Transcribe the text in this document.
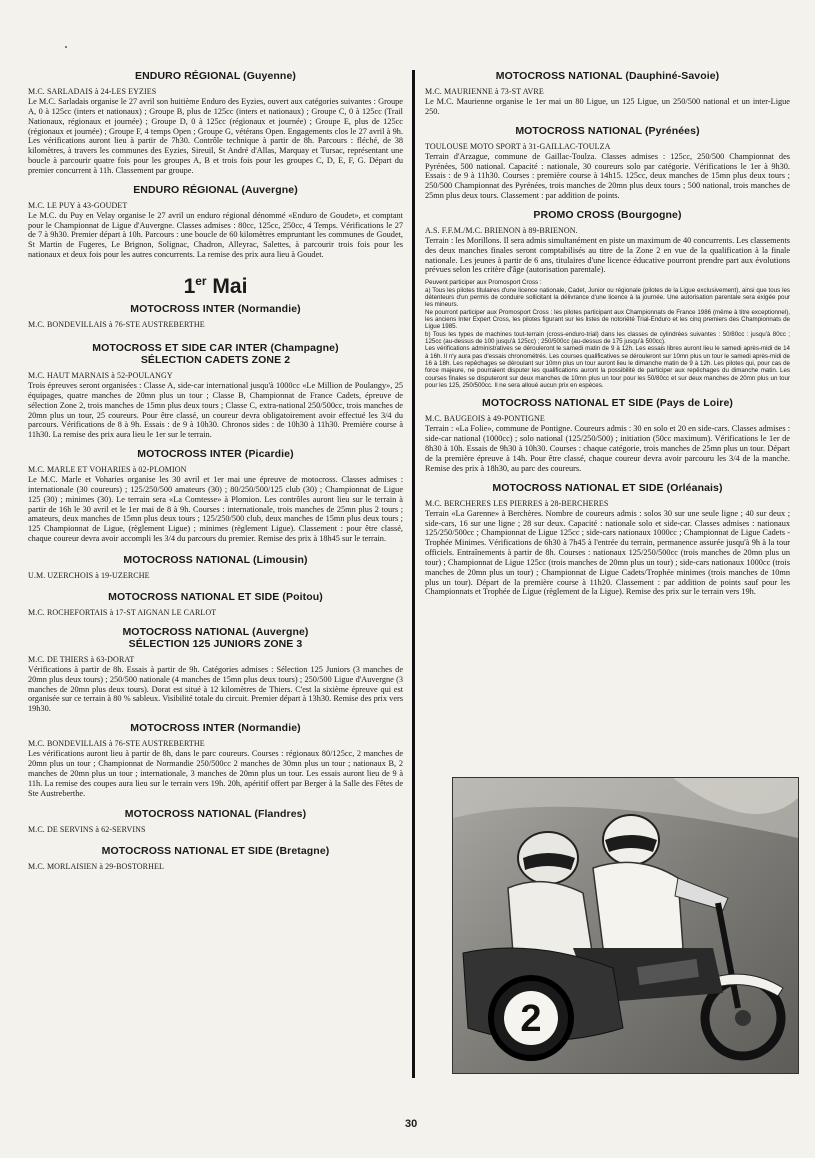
ENDURO RÉGIONAL (Guyenne)

M.C. SARLADAIS à 24-LES EYZIES

Le M.C. Sarladais organise le 27 avril son huitième Enduro des Eyzies, ouvert aux catégories suivantes : Groupe A, 0 à 125cc (inters et nationaux) ; Groupe B, plus de 125cc (inters et nationaux) ; Groupe C, 0 à 125cc (Trail Nationaux, régionaux et journée) ; Groupe D, 0 à 125cc (régionaux et journée) ; Groupe E, plus de 125cc (régionaux et journée) ; Groupe F, 4 temps Open ; Groupe G, vétérans Open. Engagements clos le 27 avril à 9h. Les vérifications auront lieu à partir de 7h30. Contrôle technique à partir de 8h. Parcours : fléché, de 38 kilomètres, à travers les communes des Eyzies, Sireuil, St André d'Allas, Marquay et Tursac, représentant une boucle à parcourir quatre fois pour les groupes A, B et trois fois pour les groupes C, D, E, F, G. Départ du premier concurrent à 11h. Classement par groupe.

ENDURO RÉGIONAL (Auvergne)

M.C. LE PUY à 43-GOUDET

Le M.C. du Puy en Velay organise le 27 avril un enduro régional dénommé «Enduro de Goudet», et comptant pour le Championnat de Ligue d'Auvergne. Classes admises : 80cc, 125cc, 250cc, 4 Temps. Vérifications le 27 de 7 à 9h30. Premier départ à 10h. Parcours : une boucle de 60 kilomètres empruntant les communes de Goudet, St Martin de Fugeres, Le Brignon, Solignac, Chadron, Alleyrac, Salettes, à parcourir trois fois pour les nationaux et deux fois pour les autres concurrents. La remise des prix aura lieu à Goudet.

1er Mai
MOTOCROSS INTER (Normandie)

M.C. BONDEVILLAIS à 76-STE AUSTREBERTHE

MOTOCROSS ET SIDE CAR INTER (Champagne)
SÉLECTION CADETS ZONE 2

M.C. HAUT MARNAIS à 52-POULANGY

Trois épreuves seront organisées : Classe A, side-car international jusqu'à 1000cc «Le Million de Poulangy», 25 équipages, quatre manches de 20mn plus un tour ; Classe B, Championnat de France Cadets, épreuve de sélection Zone 2, trois manches de 15mn plus deux tours ; Classe C, extra-national 250/500cc, trois manches de 20mn plus un tour, 25 coureurs. Pour être classé, un coureur devra obligatoirement avoir effectué les 3/4 du parcours. Vérifications de 8 à 9h. Essais : de 9 à 10h30. Chronos sides : de 10h30 à 11h30. Première course à 11h30. La remise des prix aura lieu le 1er sur le terrain.

MOTOCROSS INTER (Picardie)

M.C. MARLE ET VOHARIES à 02-PLOMION

Le M.C. Marle et Voharies organise les 30 avril et 1er mai une épreuve de motocross. Classes admises : internationale (30 coureurs) ; 125/250/500 amateurs (30) ; 80/250/500/125 club (30) ; Championnat de Ligue 125 (30) ; minimes (30). Le terrain sera «La Comtesse» à Plomion. Les contrôles auront lieu sur le terrain à partir de 16h le 30 avril et le 1er mai de 8 à 9h. Courses : internationale, trois manches de 25mn plus 2 tours ; amateurs, deux manches de 15mn plus deux tours ; 125/250/500 club, deux manches de 15mn plus deux tours ; 125 Championnat de Ligue, (règlement Ligue) ; minimes (règlement Ligue). Classement : pour être classé, chaque coureur devra avoir accompli les 3/4 du parcours du premier. Remise des prix à 18h45 sur le terrain.

MOTOCROSS NATIONAL (Limousin)

U.M. UZERCHOIS à 19-UZERCHE

MOTOCROSS NATIONAL ET SIDE (Poitou)

M.C. ROCHEFORTAIS à 17-ST AIGNAN LE CARLOT

MOTOCROSS NATIONAL (Auvergne)
SÉLECTION 125 JUNIORS ZONE 3

M.C. DE THIERS à 63-DORAT

Vérifications à partir de 8h. Essais à partir de 9h. Catégories admises : Sélection 125 Juniors (3 manches de 20mn plus deux tours) ; 250/500 nationale (4 manches de 15mn plus deux tours) ; 250/500 Ligue d'Auvergne (3 manches de 20mn plus deux tours). Dorat est situé à 12 kilomètres de Thiers. C'est la sixième épreuve qui est organisée sur ce terrain à 80 % sableux. Visibilité totale du circuit. Premier départ à 13h30. Remise des prix vers 19h30.

MOTOCROSS INTER (Normandie)

M.C. BONDEVILLAIS à 76-STE AUSTREBERTHE

Les vérifications auront lieu à partir de 8h, dans le parc coureurs. Courses : régionaux 80/125cc, 2 manches de 20mn plus un tour ; Championnat de Normandie 250/500cc 2 manches de 30mn plus un tour ; nationaux B, 2 manches de 20mn plus un tour ; internationale, 3 manches de 20mn plus un tour. Les essais auront lieu de 9 à 11h. La remise des coupes aura lieu sur le terrain vers 19h. 20h, apéritif offert par Berger à la Salle des Fêtes de Ste Austreberthe.

MOTOCROSS NATIONAL (Flandres)

M.C. DE SERVINS à 62-SERVINS

MOTOCROSS NATIONAL ET SIDE (Bretagne)

M.C. MORLAISIEN à 29-BOSTORHEL

MOTOCROSS NATIONAL (Dauphiné-Savoie)

M.C. MAURIENNE à 73-ST AVRE

Le M.C. Maurienne organise le 1er mai un 80 Ligue, un 125 Ligue, un 250/500 national et un inter-Ligue 250.

MOTOCROSS NATIONAL (Pyrénées)

TOULOUSE MOTO SPORT à 31-GAILLAC-TOULZA

Terrain d'Arzague, commune de Gaillac-Toulza. Classes admises : 125cc, 250/500 Championnat des Pyrénées, 500 national. Capacité : nationale, 30 coureurs solo par catégorie. Vérifications le 1er à 9h30. Essais : de 9 à 11h30. Courses : première course à 14h15. 125cc, deux manches de 15mn plus deux tours ; 250/500 Championnat des Pyrénées, trois manches de 20mn plus deux tours ; 500 national, trois manches de 25mn plus deux tours. Classement : par addition de points.

PROMO CROSS (Bourgogne)

A.S. F.F.M./M.C. BRIENON à 89-BRIENON.

Terrain : les Morillons. Il sera admis simultanément en piste un maximum de 40 concurrents. Les classements des deux manches finales seront comptabilisés au titre de la Zone 2 en vue de la qualification à la finale nationale. Les jeunes à partir de 6 ans, titulaires d'une licence éducative pourront prendre part aux évolutions prévues selon les critère d'âge (autorisation parentale).

Peuvent participer aux Promosport Cross :
a) Tous les pilotes titulaires d'une licence nationale, Cadet, Junior ou régionale (pilotes de la Ligue exclusivement), ainsi que tous les détenteurs d'un permis de conduire sollicitant la délivrance d'une licence à la journée. Une autorisation parentale sera exigée pour les mineurs.
Ne pourront participer aux Promosport Cross : les pilotes participant aux Championnats de France 1986 (même à titre exceptionnel), les anciens Inter Expert Cross, les pilotes figurant sur les listes de notoriété Trial-Enduro et les cinq premiers des Championnats de Ligue 1985.
b) Tous les types de machines tout-terrain (cross-enduro-trial) dans les classes de cylindrées suivantes : 50/80cc : jusqu'à 80cc ; 125cc (au-dessus de 100 jusqu'à 125cc) ; 250/500cc (au-dessus de 175 jusqu'à 500cc).
Les vérifications administratives se dérouleront le samedi matin de 9 à 12h. Les essais libres auront lieu le samedi après-midi de 14 à 16h. Il n'y aura pas d'essais chronométrés. Les courses qualificatives se dérouleront sur 10mn plus un tour le samedi après-midi de 16 à 18h. Les repêchages se déroulant sur 10mn plus un tour auront lieu le dimanche matin de 9 à 12h. Les pilotes qui, pour cas de force majeure, ne pourraient disputer les qualifications auront la possibilité de participer aux repêchages du dimanche matin. Les courses finales se disputeront sur deux manches de 10mn plus un tour pour les 50/80cc et sur deux manches de 20mn plus un tour pour les 125, 250/500cc. Il ne sera alloué aucun prix en espèces.

MOTOCROSS NATIONAL ET SIDE (Pays de Loire)

M.C. BAUGEOIS à 49-PONTIGNE

Terrain : «La Folie», commune de Pontigne. Coureurs admis : 30 en solo et 20 en side-cars. Classes admises : side-car national (1000cc) ; solo national (125/250/500) ; initiation (50cc maximum). Vérifications le 1er de 8h30 à 10h. Essais de 9h30 à 10h30. Courses : chaque catégorie, trois manches de 25mn plus un tour. Départ de la première épreuve à 14h. Pour être classé, chaque coureur devra avoir parcouru les 3/4 de la manche. Remise des prix à 18h30, au parc des coureurs.

MOTOCROSS NATIONAL ET SIDE (Orléanais)

M.C. BERCHERES LES PIERRES à 28-BERCHERES

Terrain «La Garenne» à Berchères. Nombre de coureurs admis : solos 30 sur une seule ligne ; 40 sur deux ; side-cars, 16 sur une ligne ; 28 sur deux. Capacité : nationale solo et side-car. Classes admises : nationaux 125/250/500cc ; Championnat de Ligue 125cc ; side-cars nationaux 1000cc ; Championnat de Ligue Cadets - Trophée Minimes. Vérifications de 6h30 à 7h45 à l'entrée du terrain, permanence assurée jusqu'à 9h à la tour officiels. Entraînements à partir de 8h. Courses : nationaux 125/250/500cc (trois manches de 20mn plus un tour) ; Championnat de Ligue 125cc (trois manches de 20mn plus un tour) ; side-cars nationaux 1000cc (trois manches de 20mn plus un tour) ; Championnat de Ligue Cadets/Trophée minimes (trois manches de 10mn plus un tour). Départ de la première course à 11h20. Classement : par addition de points sauf pour les Championnats et Trophée de Ligue (règlement de la Ligue). Remise des prix sur le terrain vers 19h.

2
30
